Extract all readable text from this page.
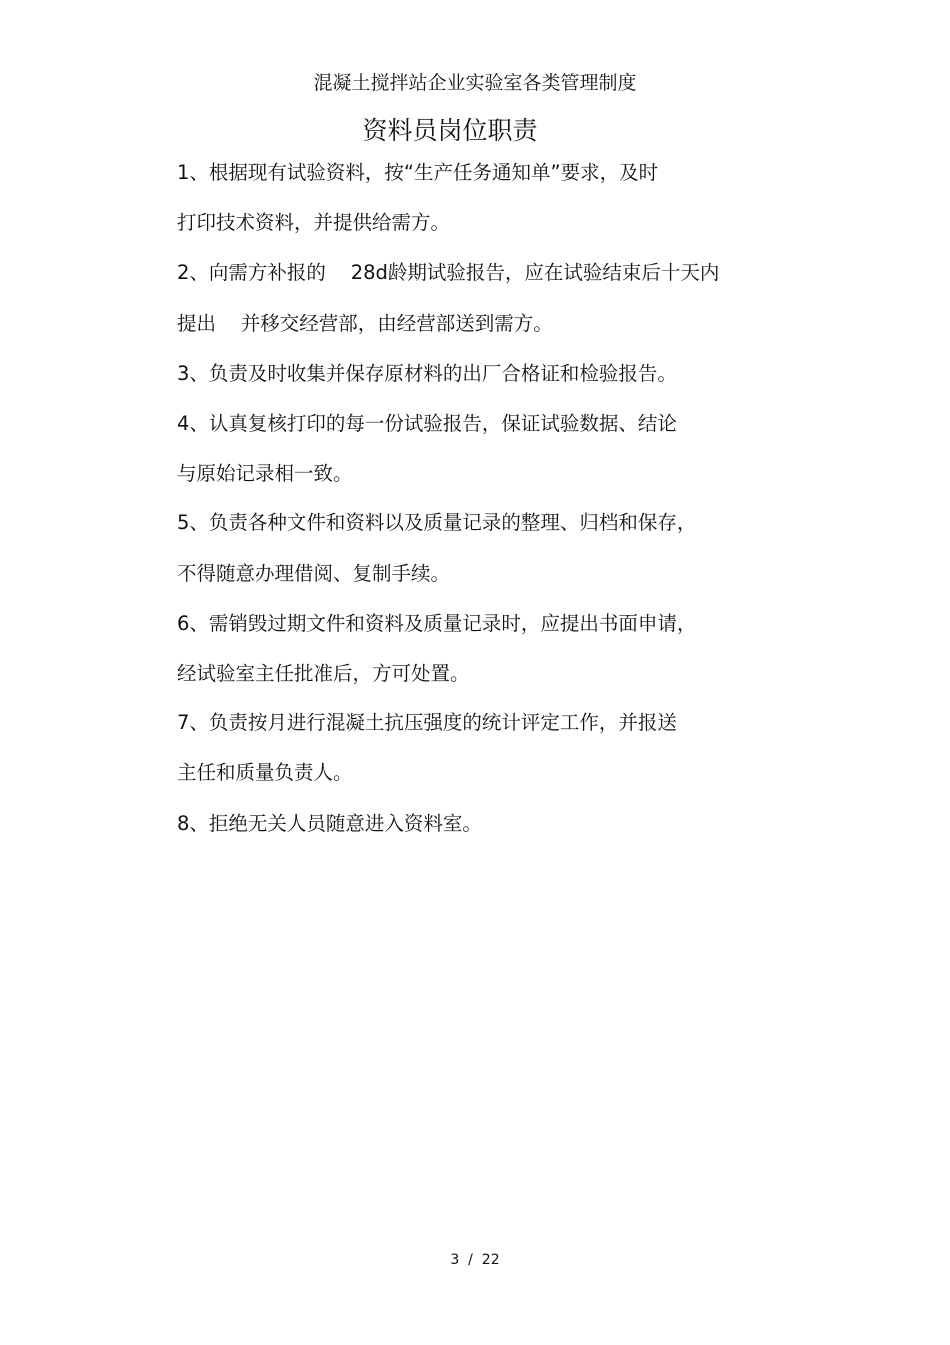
混凝土搅拌站企业实验室各类管理制度
资料员岗位职责
1、根据现有试验资料，按“生产任务通知单”要求，及时
打印技术资料，并提供给需方。
2、向需方补报的    28d龄期试验报告，应在试验结束后十天内
提出    并移交经营部，由经营部送到需方。
3、负责及时收集并保存原材料的出厂合格证和检验报告。
4、认真复核打印的每一份试验报告，保证试验数据、结论
与原始记录相一致。
5、负责各种文件和资料以及质量记录的整理、归档和保存，
不得随意办理借阅、复制手续。
6、需销毁过期文件和资料及质量记录时，应提出书面申请，
经试验室主任批准后，方可处置。
7、负责按月进行混凝土抗压强度的统计评定工作，并报送
主任和质量负责人。
8、拒绝无关人员随意进入资料室。
3  /  22
